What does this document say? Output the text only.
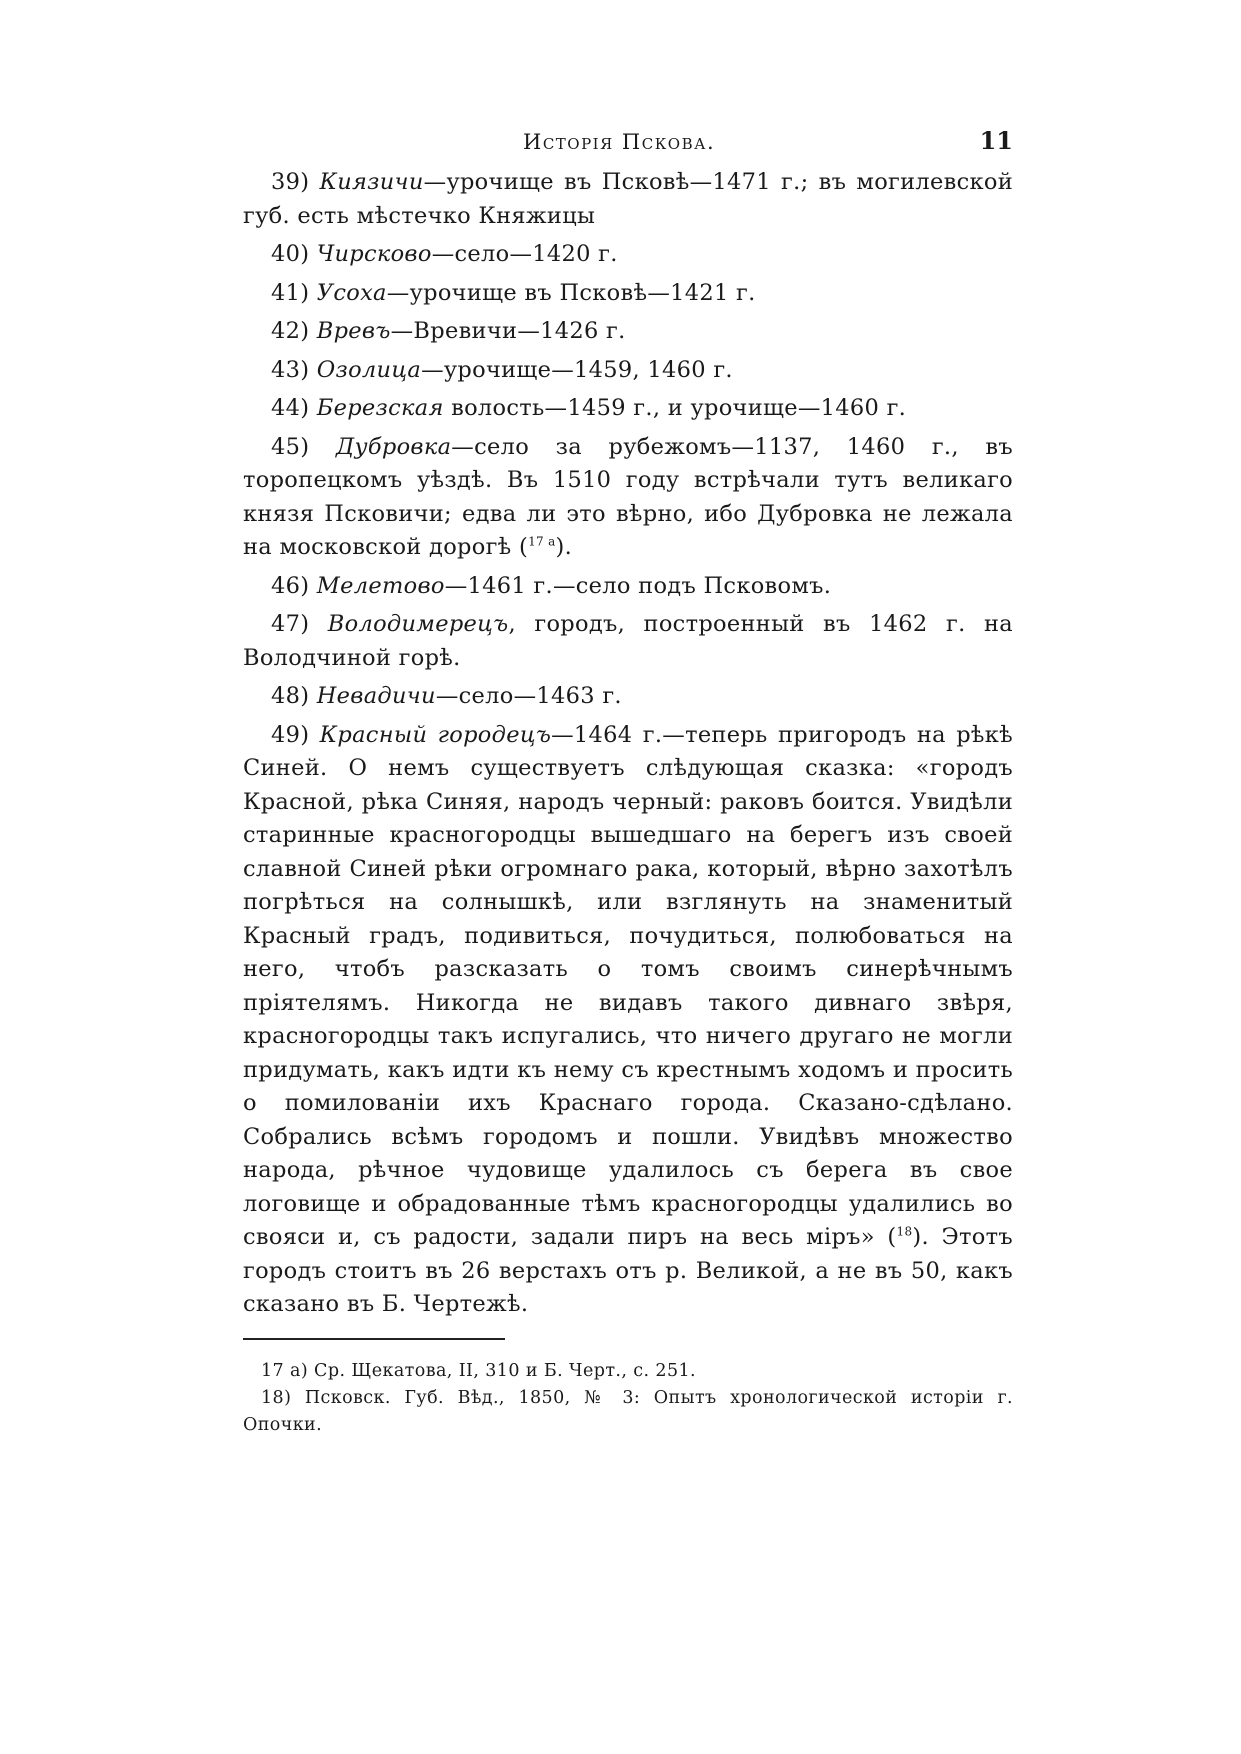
Исторія Пскова.	11

39) Киязичи—урочище въ Псковѣ—1471 г.; въ могилевской губ. есть мѣстечко Княжицы

40) Чирсково—село—1420 г.

41) Усоха—урочище въ Псковѣ—1421 г.

42) Вревъ—Вревичи—1426 г.

43) Озолица—урочище—1459, 1460 г.

44) Березская волость—1459 г., и урочище—1460 г.

45) Дубровка—село за рубежомъ—1137, 1460 г., въ торопецкомъ уѣздѣ. Въ 1510 году встрѣчали тутъ великаго князя Псковичи; едва ли это вѣрно, ибо Дубровка не лежала на московской дорогѣ ($^{17 а}$).

46) Мелетово—1461 г.—село подъ Псковомъ.

47) Володимерецъ, городъ, построенный въ 1462 г. на Володчиной горѣ.

48) Невадичи—село—1463 г.

49) Красный городецъ—1464 г.—теперь пригородъ на рѣкѣ Синей. О немъ существуетъ слѣдующая сказка: «городъ Красной, рѣка Синяя, народъ черный: раковъ боится. Увидѣли старинные красногородцы вышедшаго на берегъ изъ своей славной Синей рѣки огромнаго рака, который, вѣрно захотѣлъ погрѣться на солнышкѣ, или взглянуть на знаменитый Красный градъ, подивиться, почудиться, полюбоваться на него, чтобъ разсказать о томъ своимъ синерѣчнымъ пріятелямъ. Никогда не видавъ такого дивнаго звѣря, красногородцы такъ испугались, что ничего другаго не могли придумать, какъ идти къ нему съ крестнымъ ходомъ и просить о помилованіи ихъ Краснаго города. Сказано-сдѣлано. Собрались всѣмъ городомъ и пошли. Увидѣвъ множество народа, рѣчное чудовище удалилось съ берега въ свое логовище и обрадованные тѣмъ красногородцы удалились во свояси и, съ радости, задали пиръ на весь міръ» ($^{18}$). Этотъ городъ стоитъ въ 26 верстахъ отъ р. Великой, а не въ 50, какъ сказано въ Б. Чертежѣ.

17 а) Ср. Щекатова, II, 310 и Б. Черт., с. 251.

18) Псковск. Губ. Вѣд., 1850, № 3: Опытъ хронологической исторіи г. Опочки.
